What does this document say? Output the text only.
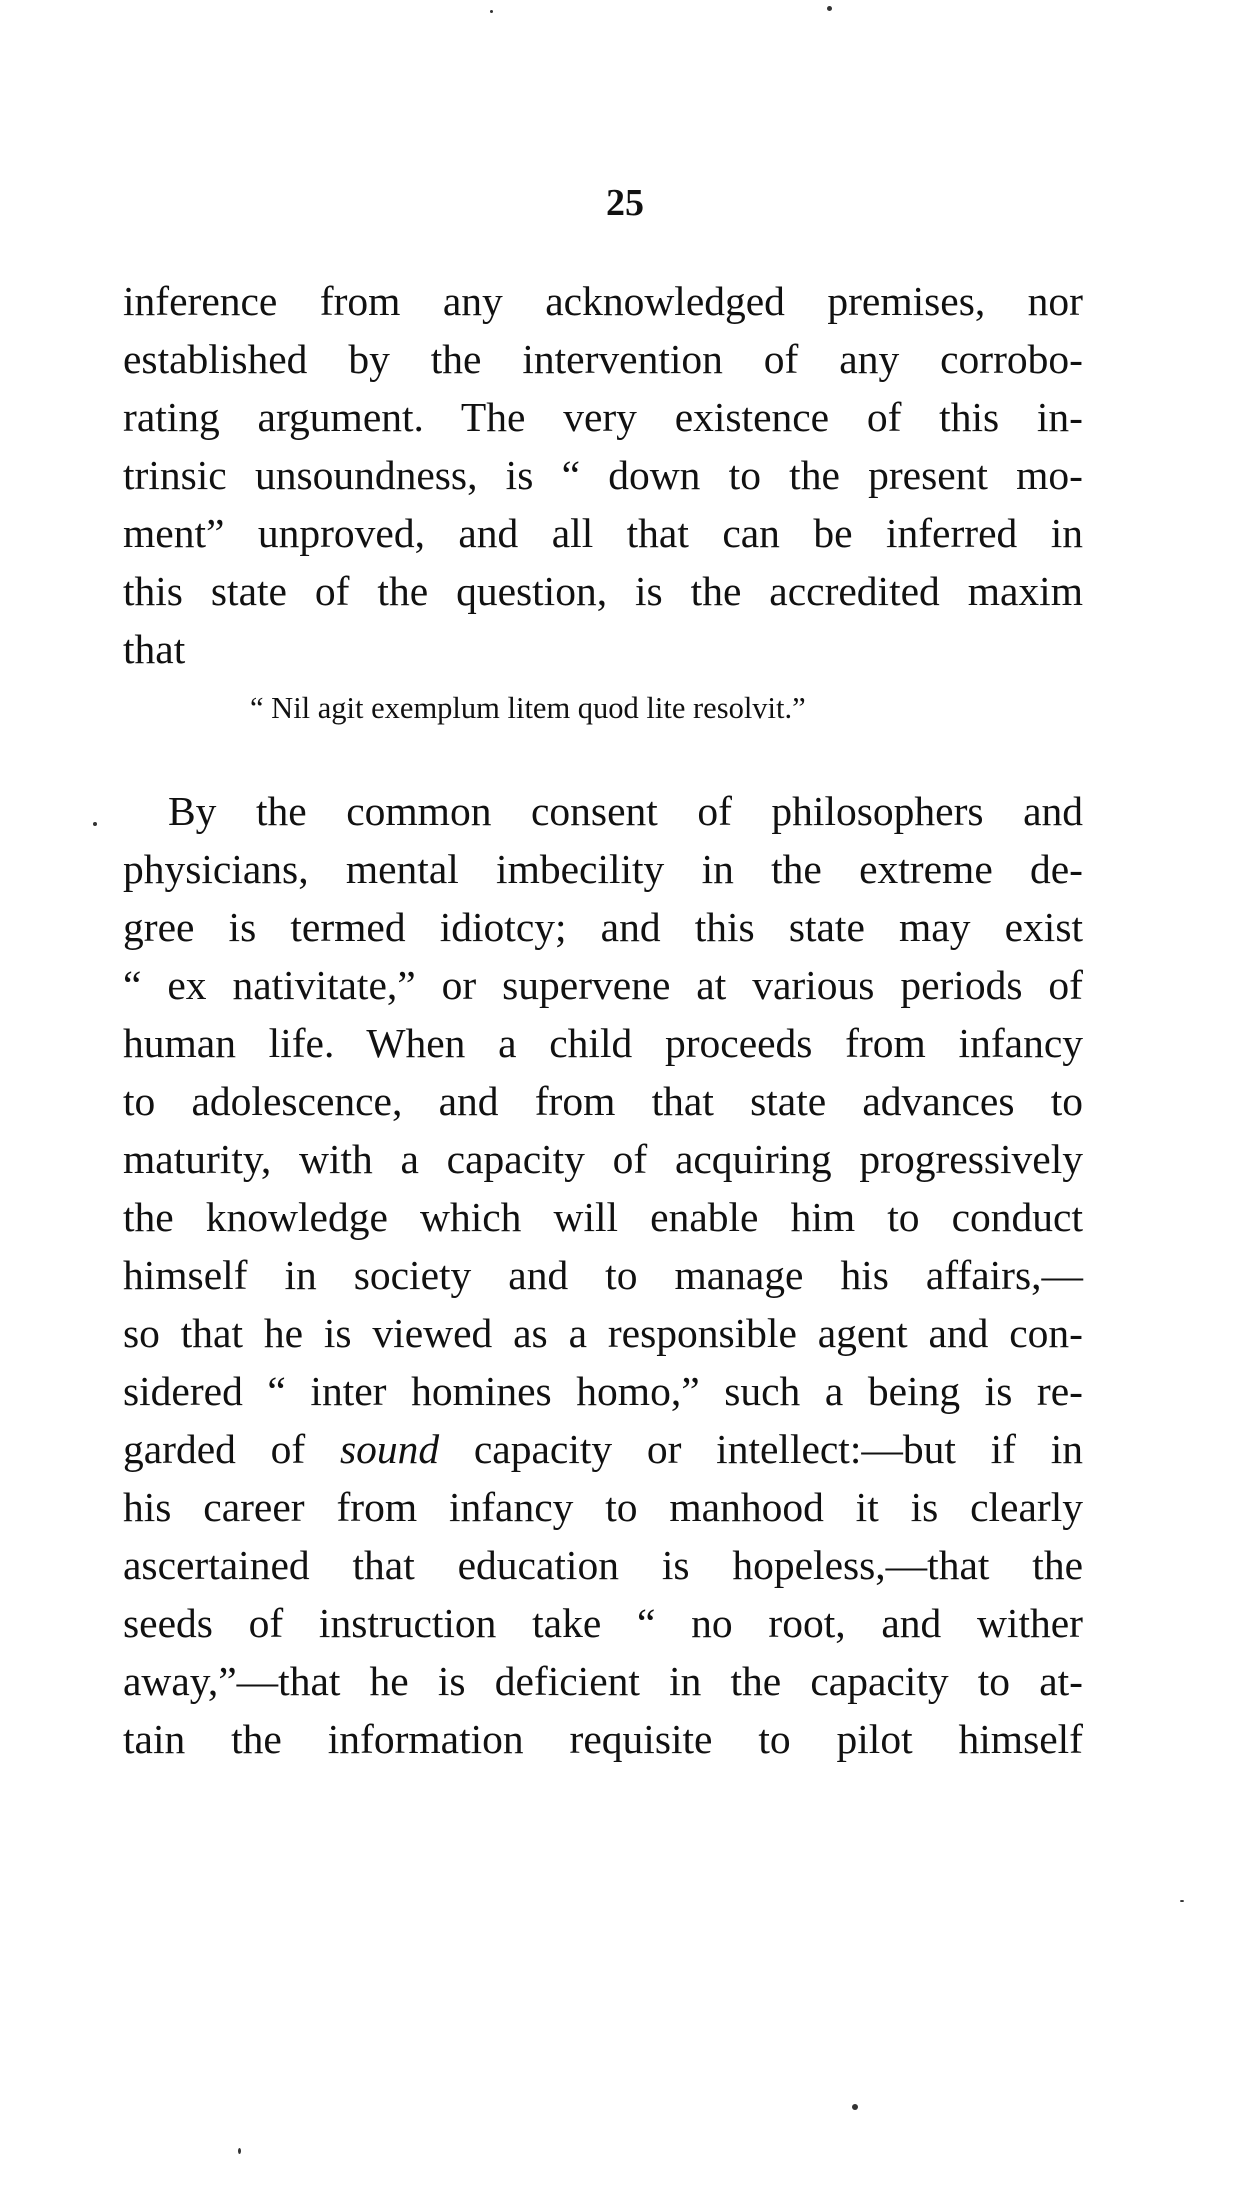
25
inference from any acknowledged premises, nor
established by the intervention of any corrobo-
rating argument. The very existence of this in-
trinsic unsoundness, is “ down to the present mo-
ment” unproved, and all that can be inferred in
this state of the question, is the accredited maxim
that
“ Nil agit exemplum litem quod lite resolvit.”
By the common consent of philosophers and
physicians, mental imbecility in the extreme de-
gree is termed idiotcy; and this state may exist
“ ex nativitate,” or supervene at various periods of
human life. When a child proceeds from infancy
to adolescence, and from that state advances to
maturity, with a capacity of acquiring progressively
the knowledge which will enable him to conduct
himself in society and to manage his affairs,—
so that he is viewed as a responsible agent and con-
sidered “ inter homines homo,” such a being is re-
garded of sound capacity or intellect:—but if in
his career from infancy to manhood it is clearly
ascertained that education is hopeless,—that the
seeds of instruction take “ no root, and wither
away,”—that he is deficient in the capacity to at-
tain the information requisite to pilot himself
